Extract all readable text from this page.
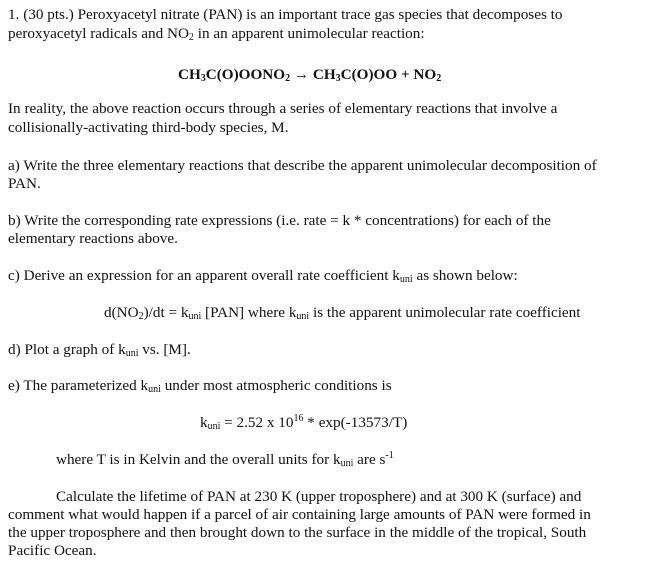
1. (30 pts.) Peroxyacetyl nitrate (PAN) is an important trace gas species that decomposes to
peroxyacetyl radicals and $NO_2$ in an apparent unimolecular reaction:
$CH_3C(O)OONO_2 \to CH_3C(O)OO + NO_2$
In reality, the above reaction occurs through a series of elementary reactions that involve a
collisionally-activating third-body species, M.
a) Write the three elementary reactions that describe the apparent unimolecular decomposition of
PAN.
b) Write the corresponding rate expressions (i.e. rate = k * concentrations) for each of the
elementary reactions above.
c) Derive an expression for an apparent overall rate coefficient $k_{uni}$ as shown below:
$d(NO_2)/dt = k_{uni}$ [PAN] where $k_{uni}$ is the apparent unimolecular rate coefficient
d) Plot a graph of $k_{uni}$ vs. [M].
e) The parameterized $k_{uni}$ under most atmospheric conditions is
$k_{uni} = 2.52$ x $10^{16} * \exp(-13573/T)$
where T is in Kelvin and the overall units for $k_{uni}$ are $s^{-1}$
Calculate the lifetime of PAN at 230 K (upper troposphere) and at 300 K (surface) and
comment what would happen if a parcel of air containing large amounts of PAN were formed in
the upper troposphere and then brought down to the surface in the middle of the tropical, South
Pacific Ocean.
